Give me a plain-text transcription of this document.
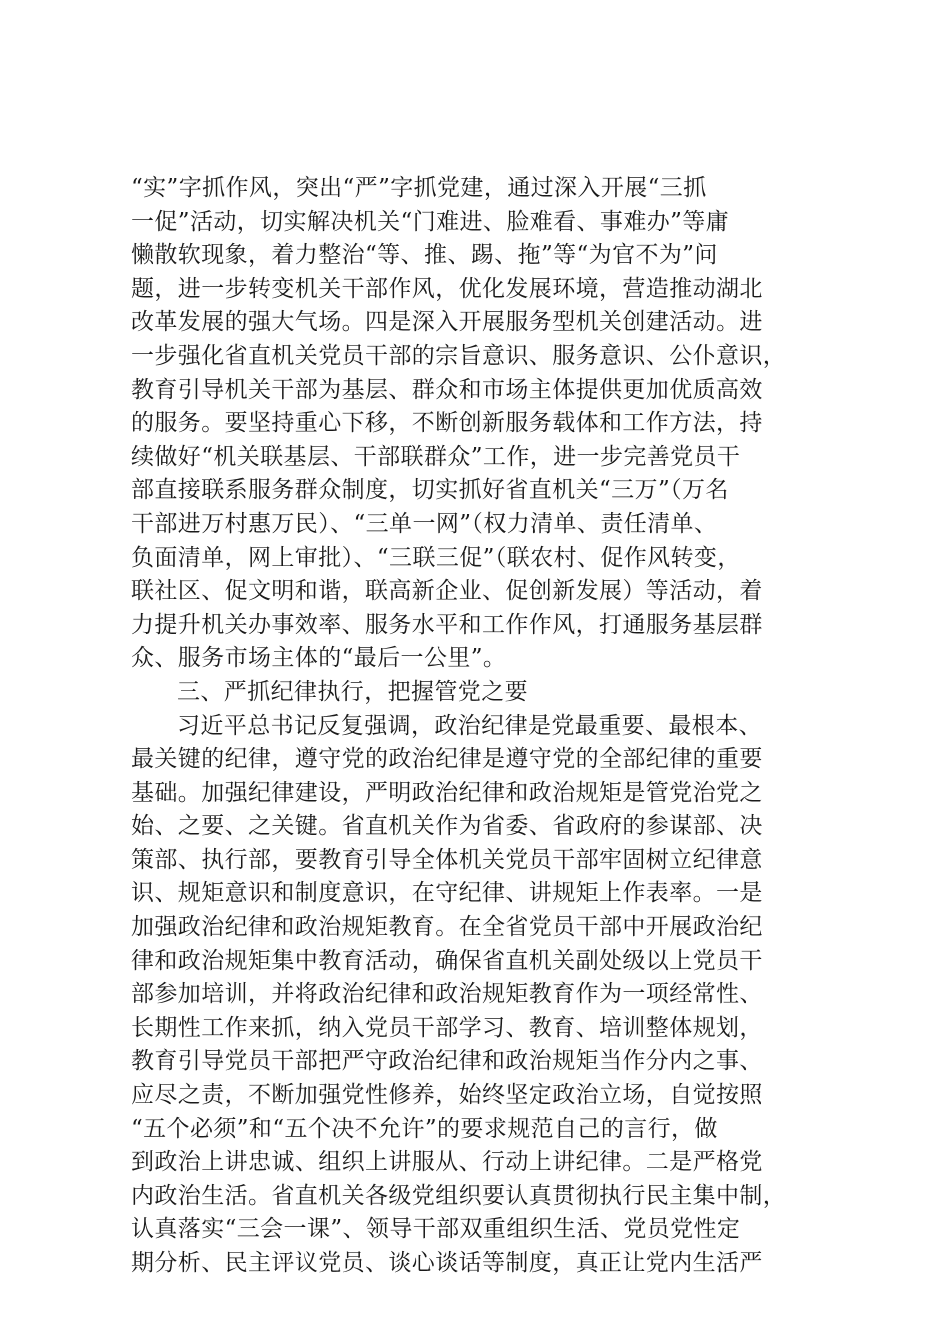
“实”字抓作风，突出“严”字抓党建，通过深入开展“三抓
一促”活动，切实解决机关“门难进、脸难看、事难办”等庸
懒散软现象，着力整治“等、推、踢、拖”等“为官不为”问
题，进一步转变机关干部作风，优化发展环境，营造推动湖北
改革发展的强大气场。四是深入开展服务型机关创建活动。进
一步强化省直机关党员干部的宗旨意识、服务意识、公仆意识，
教育引导机关干部为基层、群众和市场主体提供更加优质高效
的服务。要坚持重心下移，不断创新服务载体和工作方法，持
续做好“机关联基层、干部联群众”工作，进一步完善党员干
部直接联系服务群众制度，切实抓好省直机关“三万”（万名
干部进万村惠万民）、“三单一网”（权力清单、责任清单、
负面清单，网上审批）、“三联三促”（联农村、促作风转变，
联社区、促文明和谐，联高新企业、促创新发展）等活动，着
力提升机关办事效率、服务水平和工作作风，打通服务基层群
众、服务市场主体的“最后一公里”。
三、严抓纪律执行，把握管党之要
习近平总书记反复强调，政治纪律是党最重要、最根本、
最关键的纪律，遵守党的政治纪律是遵守党的全部纪律的重要
基础。加强纪律建设，严明政治纪律和政治规矩是管党治党之
始、之要、之关键。省直机关作为省委、省政府的参谋部、决
策部、执行部，要教育引导全体机关党员干部牢固树立纪律意
识、规矩意识和制度意识，在守纪律、讲规矩上作表率。一是
加强政治纪律和政治规矩教育。在全省党员干部中开展政治纪
律和政治规矩集中教育活动，确保省直机关副处级以上党员干
部参加培训，并将政治纪律和政治规矩教育作为一项经常性、
长期性工作来抓，纳入党员干部学习、教育、培训整体规划，
教育引导党员干部把严守政治纪律和政治规矩当作分内之事、
应尽之责，不断加强党性修养，始终坚定政治立场，自觉按照
“五个必须”和“五个决不允许”的要求规范自己的言行，做
到政治上讲忠诚、组织上讲服从、行动上讲纪律。二是严格党
内政治生活。省直机关各级党组织要认真贯彻执行民主集中制，
认真落实“三会一课”、领导干部双重组织生活、党员党性定
期分析、民主评议党员、谈心谈话等制度，真正让党内生活严
